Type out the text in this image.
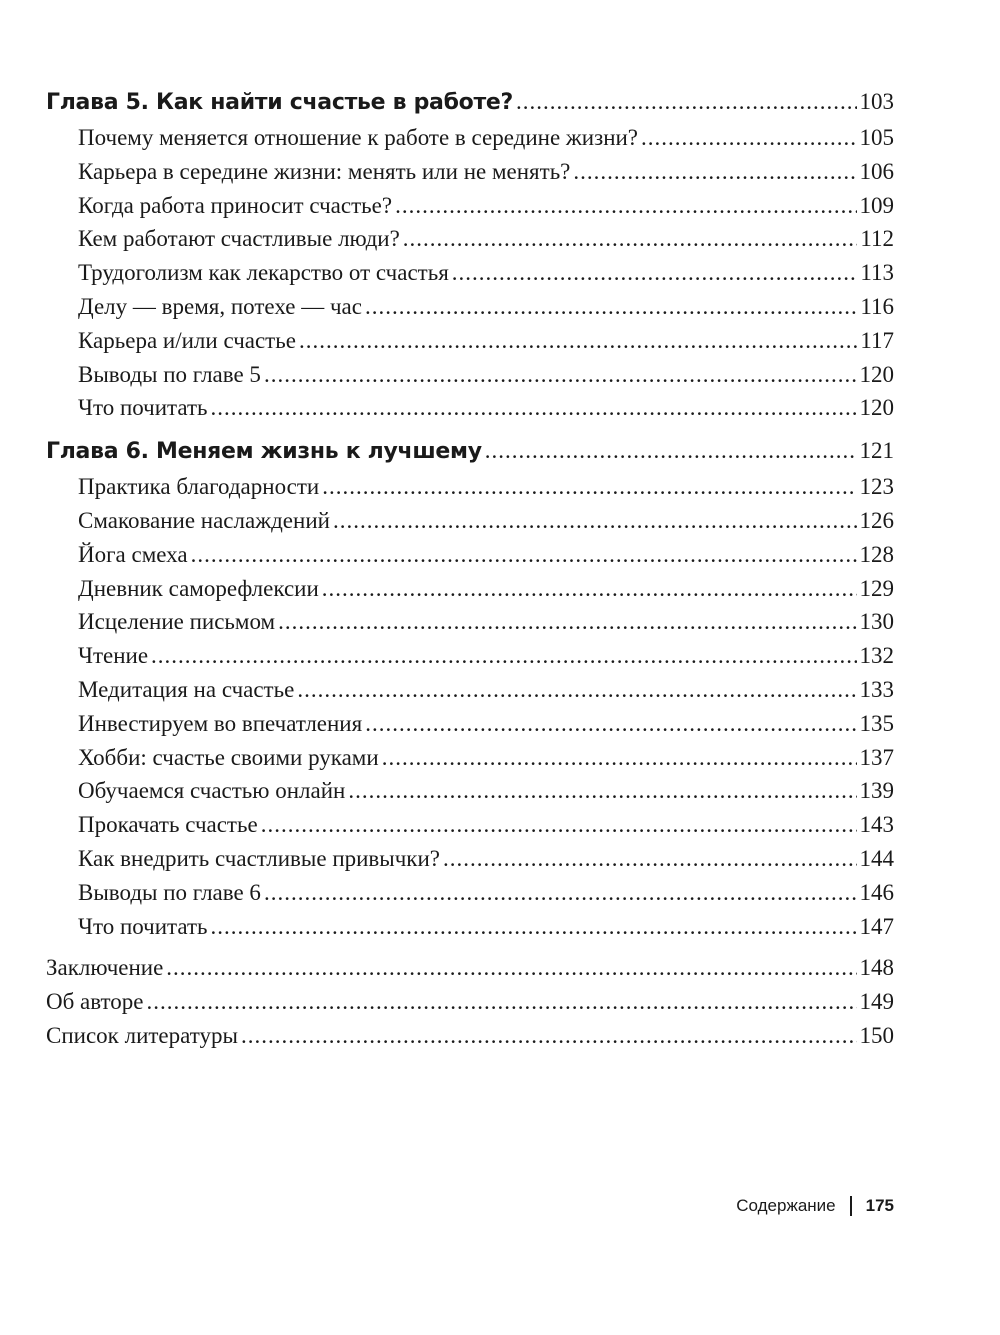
Глава 5. Как найти счастье в работе? .....	103
Почему меняется отношение к работе в середине жизни? .....	105
Карьера в середине жизни: менять или не менять? .....	106
Когда работа приносит счастье? .....	109
Кем работают счастливые люди? .....	112
Трудоголизм как лекарство от счастья .....	113
Делу — время, потехе — час .....	116
Карьера и/или счастье .....	117
Выводы по главе 5 .....	120
Что почитать .....	120
Глава 6. Меняем жизнь к лучшему .....	121
Практика благодарности .....	123
Смакование наслаждений .....	126
Йога смеха .....	128
Дневник саморефлексии .....	129
Исцеление письмом .....	130
Чтение .....	132
Медитация на счастье .....	133
Инвестируем во впечатления .....	135
Хобби: счастье своими руками .....	137
Обучаемся счастью онлайн .....	139
Прокачать счастье .....	143
Как внедрить счастливые привычки? .....	144
Выводы по главе 6 .....	146
Что почитать .....	147
Заключение .....	148
Об авторе .....	149
Список литературы .....	150
Содержание 175
